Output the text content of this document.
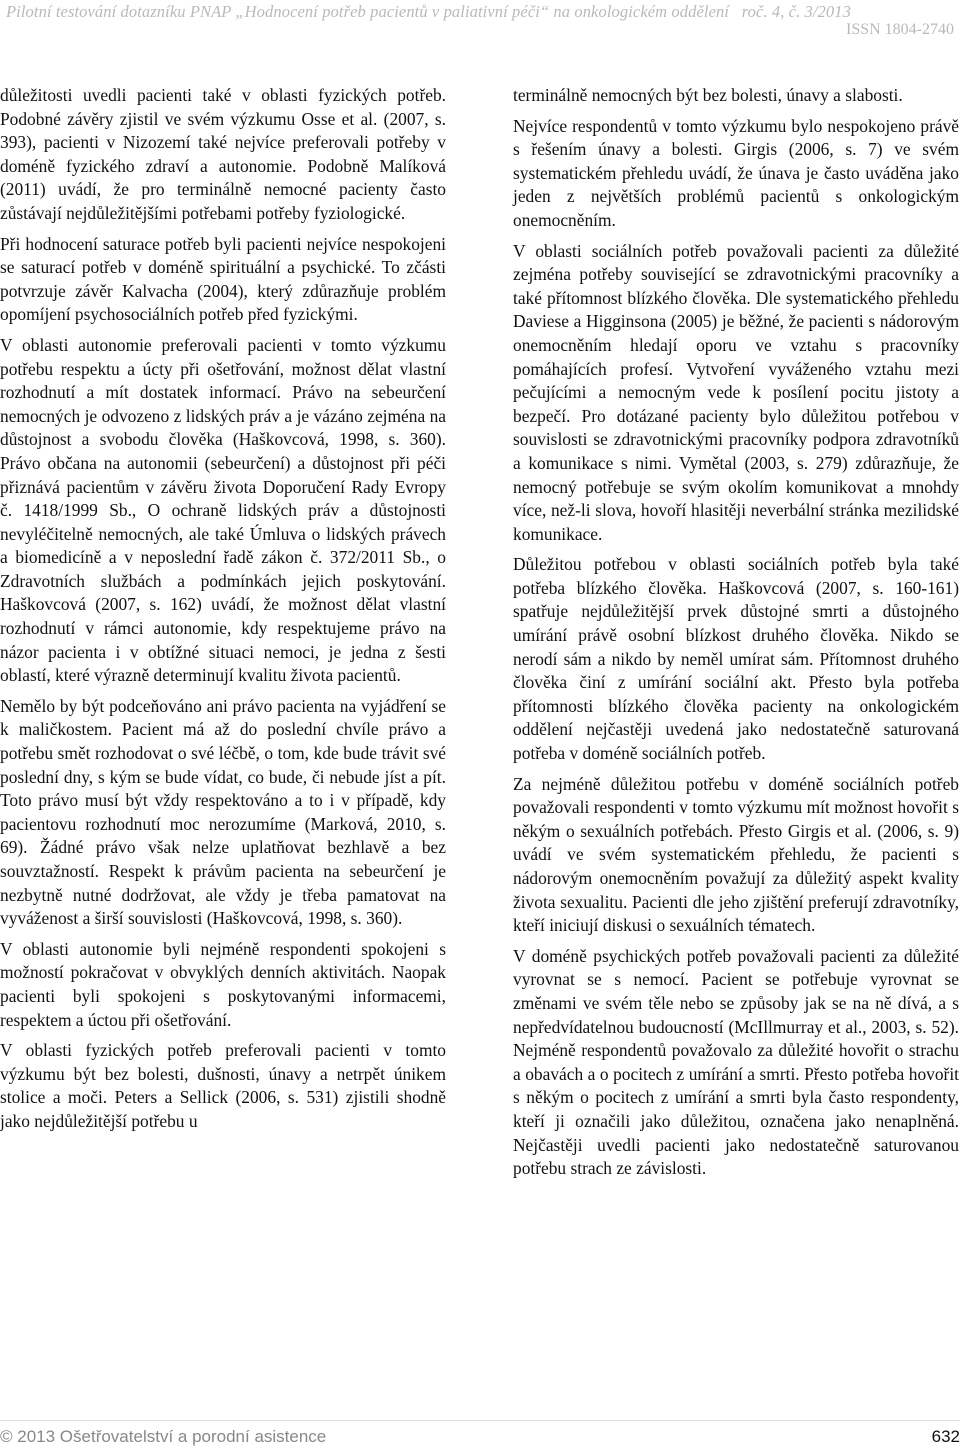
Pilotní testování dotazníku PNAP „Hodnocení potřeb pacientů v paliativní péči“ na onkologickém oddělení roč. 4, č. 3/2013
ISSN 1804-2740

důležitosti uvedli pacienti také v oblasti fyzických potřeb. Podobné závěry zjistil ve svém výzkumu Osse et al. (2007, s. 393), pacienti v Nizozemí také nejvíce preferovali potřeby v doméně fyzického zdraví a autonomie. Podobně Malíková (2011) uvádí, že pro terminálně nemocné pacienty často zůstávají nejdůležitějšími potřebami potřeby fyziologické.

Při hodnocení saturace potřeb byli pacienti nejvíce nespokojeni se saturací potřeb v doméně spirituální a psychické. To zčásti potvrzuje závěr Kalvacha (2004), který zdůrazňuje problém opomíjení psychosociálních potřeb před fyzickými.

V oblasti autonomie preferovali pacienti v tomto výzkumu potřebu respektu a úcty při ošetřování, možnost dělat vlastní rozhodnutí a mít dostatek informací. Právo na sebeurčení nemocných je odvozeno z lidských práv a je vázáno zejména na důstojnost a svobodu člověka (Haškovcová, 1998, s. 360). Právo občana na autonomii (sebeurčení) a důstojnost při péči přiznává pacientům v závěru života Doporučení Rady Evropy č. 1418/1999 Sb., O ochraně lidských práv a důstojnosti nevyléčitelně nemocných, ale také Úmluva o lidských právech a biomedicíně a v neposlední řadě zákon č. 372/2011 Sb., o Zdravotních službách a podmínkách jejich poskytování. Haškovcová (2007, s. 162) uvádí, že možnost dělat vlastní rozhodnutí v rámci autonomie, kdy respektujeme právo na názor pacienta i v obtížné situaci nemoci, je jedna z šesti oblastí, které výrazně determinují kvalitu života pacientů.

Nemělo by být podceňováno ani právo pacienta na vyjádření se k maličkostem. Pacient má až do poslední chvíle právo a potřebu smět rozhodovat o své léčbě, o tom, kde bude trávit své poslední dny, s kým se bude vídat, co bude, či nebude jíst a pít. Toto právo musí být vždy respektováno a to i v případě, kdy pacientovu rozhodnutí moc nerozumíme (Marková, 2010, s. 69). Žádné právo však nelze uplatňovat bezhlavě a bez souvztažností. Respekt k právům pacienta na sebeurčení je nezbytně nutné dodržovat, ale vždy je třeba pamatovat na vyváženost a širší souvislosti (Haškovcová, 1998, s. 360).

V oblasti autonomie byli nejméně respondenti spokojeni s možností pokračovat v obvyklých denních aktivitách. Naopak pacienti byli spokojeni s poskytovanými informacemi, respektem a úctou při ošetřování.

V oblasti fyzických potřeb preferovali pacienti v tomto výzkumu být bez bolesti, dušnosti, únavy a netrpět únikem stolice a moči. Peters a Sellick (2006, s. 531) zjistili shodně jako nejdůležitější potřebu u

terminálně nemocných být bez bolesti, únavy a slabosti.

Nejvíce respondentů v tomto výzkumu bylo nespokojeno právě s řešením únavy a bolesti. Girgis (2006, s. 7) ve svém systematickém přehledu uvádí, že únava je často uváděna jako jeden z největších problémů pacientů s onkologickým onemocněním.

V oblasti sociálních potřeb považovali pacienti za důležité zejména potřeby související se zdravotnickými pracovníky a také přítomnost blízkého člověka. Dle systematického přehledu Daviese a Higginsona (2005) je běžné, že pacienti s nádorovým onemocněním hledají oporu ve vztahu s pracovníky pomáhajících profesí. Vytvoření vyváženého vztahu mezi pečujícími a nemocným vede k posílení pocitu jistoty a bezpečí. Pro dotázané pacienty bylo důležitou potřebou v souvislosti se zdravotnickými pracovníky podpora zdravotníků a komunikace s nimi. Vymětal (2003, s. 279) zdůrazňuje, že nemocný potřebuje se svým okolím komunikovat a mnohdy více, než-li slova, hovoří hlasitěji neverbální stránka mezilidské komunikace.

Důležitou potřebou v oblasti sociálních potřeb byla také potřeba blízkého člověka. Haškovcová (2007, s. 160-161) spatřuje nejdůležitější prvek důstojné smrti a důstojného umírání právě osobní blízkost druhého člověka. Nikdo se nerodí sám a nikdo by neměl umírat sám. Přítomnost druhého člověka činí z umírání sociální akt. Přesto byla potřeba přítomnosti blízkého člověka pacienty na onkologickém oddělení nejčastěji uvedená jako nedostatečně saturovaná potřeba v doméně sociálních potřeb.

Za nejméně důležitou potřebu v doméně sociálních potřeb považovali respondenti v tomto výzkumu mít možnost hovořit s někým o sexuálních potřebách. Přesto Girgis et al. (2006, s. 9) uvádí ve svém systematickém přehledu, že pacienti s nádorovým onemocněním považují za důležitý aspekt kvality života sexualitu. Pacienti dle jeho zjištění preferují zdravotníky, kteří iniciují diskusi o sexuálních tématech.

V doméně psychických potřeb považovali pacienti za důležité vyrovnat se s nemocí. Pacient se potřebuje vyrovnat se změnami ve svém těle nebo se způsoby jak se na ně dívá, a s nepředvídatelnou budoucností (McIllmurray et al., 2003, s. 52). Nejméně respondentů považovalo za důležité hovořit o strachu a obavách a o pocitech z umírání a smrti. Přesto potřeba hovořit s někým o pocitech z umírání a smrti byla často respondenty, kteří ji označili jako důležitou, označena jako nenaplněná. Nejčastěji uvedli pacienti jako nedostatečně saturovanou potřebu strach ze závislosti.

© 2013 Ošetřovatelství a porodní asistence	632
